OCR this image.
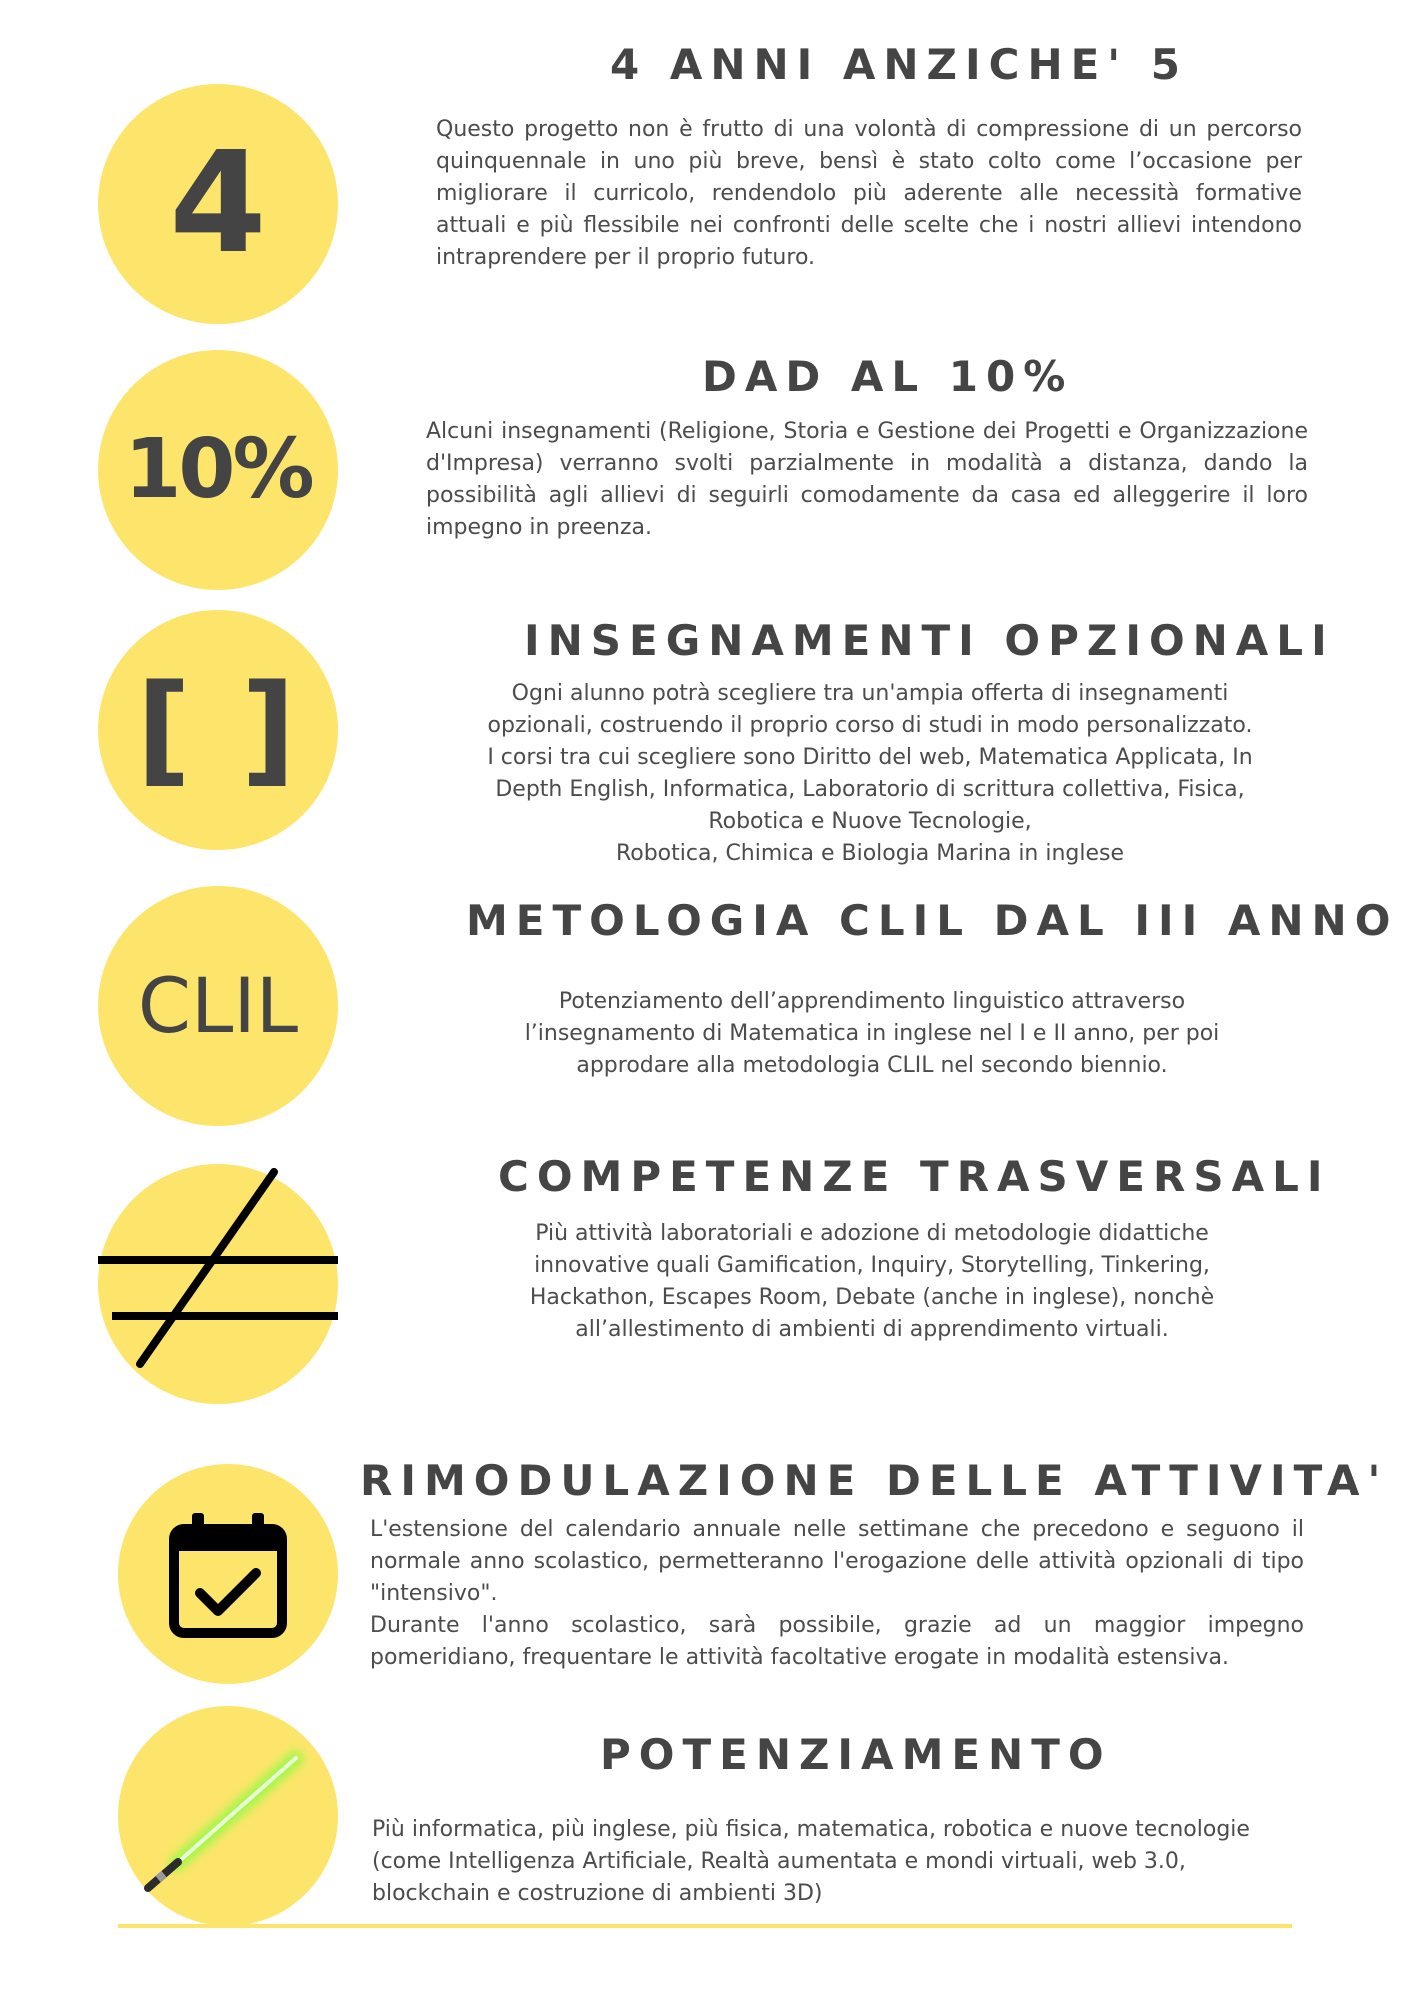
4
4 ANNI ANZICHE' 5

Questo progetto non è frutto di una volontà di compressione di un percorso quinquennale in uno più breve, bensì è stato colto come l’occasione per migliorare il curricolo, rendendolo più aderente alle necessità formative attuali e più flessibile nei confronti delle scelte che i nostri allievi intendono intraprendere per il proprio futuro.

10%
DAD AL 10%

Alcuni insegnamenti (Religione, Storia e Gestione dei Progetti e Organizzazione d'Impresa) verranno svolti parzialmente in modalità a distanza, dando la possibilità agli allievi di seguirli comodamente da casa ed alleggerire il loro impegno in preenza.

[ ]
INSEGNAMENTI OPZIONALI
Ogni alunno potrà scegliere tra un'ampia offerta di insegnamenti
opzionali, costruendo il proprio corso di studi in modo personalizzato.
I corsi tra cui scegliere sono Diritto del web, Matematica Applicata, In
Depth English, Informatica, Laboratorio di scrittura collettiva, Fisica,
Robotica e Nuove Tecnologie,
Robotica, Chimica e Biologia Marina in inglese
CLIL
METOLOGIA CLIL DAL III ANNO
Potenziamento dell’apprendimento linguistico attraverso
l’insegnamento di Matematica in inglese nel I e II anno, per poi
approdare alla metodologia CLIL nel secondo biennio.
COMPETENZE TRASVERSALI
Più attività laboratoriali e adozione di metodologie didattiche
innovative quali Gamification, Inquiry, Storytelling, Tinkering,
Hackathon, Escapes Room, Debate (anche in inglese), nonchè
all’allestimento di ambienti di apprendimento virtuali.
RIMODULAZIONE DELLE ATTIVITA'

L'estensione del calendario annuale nelle settimane che precedono e seguono il normale anno scolastico, permetteranno l'erogazione delle attività opzionali di tipo "intensivo".

Durante l'anno scolastico, sarà possibile, grazie ad un maggior impegno pomeridiano, frequentare le attività facoltative erogate in modalità estensiva.

POTENZIAMENTO
Più informatica, più inglese, più fisica, matematica, robotica e nuove tecnologie
(come Intelligenza Artificiale, Realtà aumentata e mondi virtuali, web 3.0,
blockchain e costruzione di ambienti 3D)
